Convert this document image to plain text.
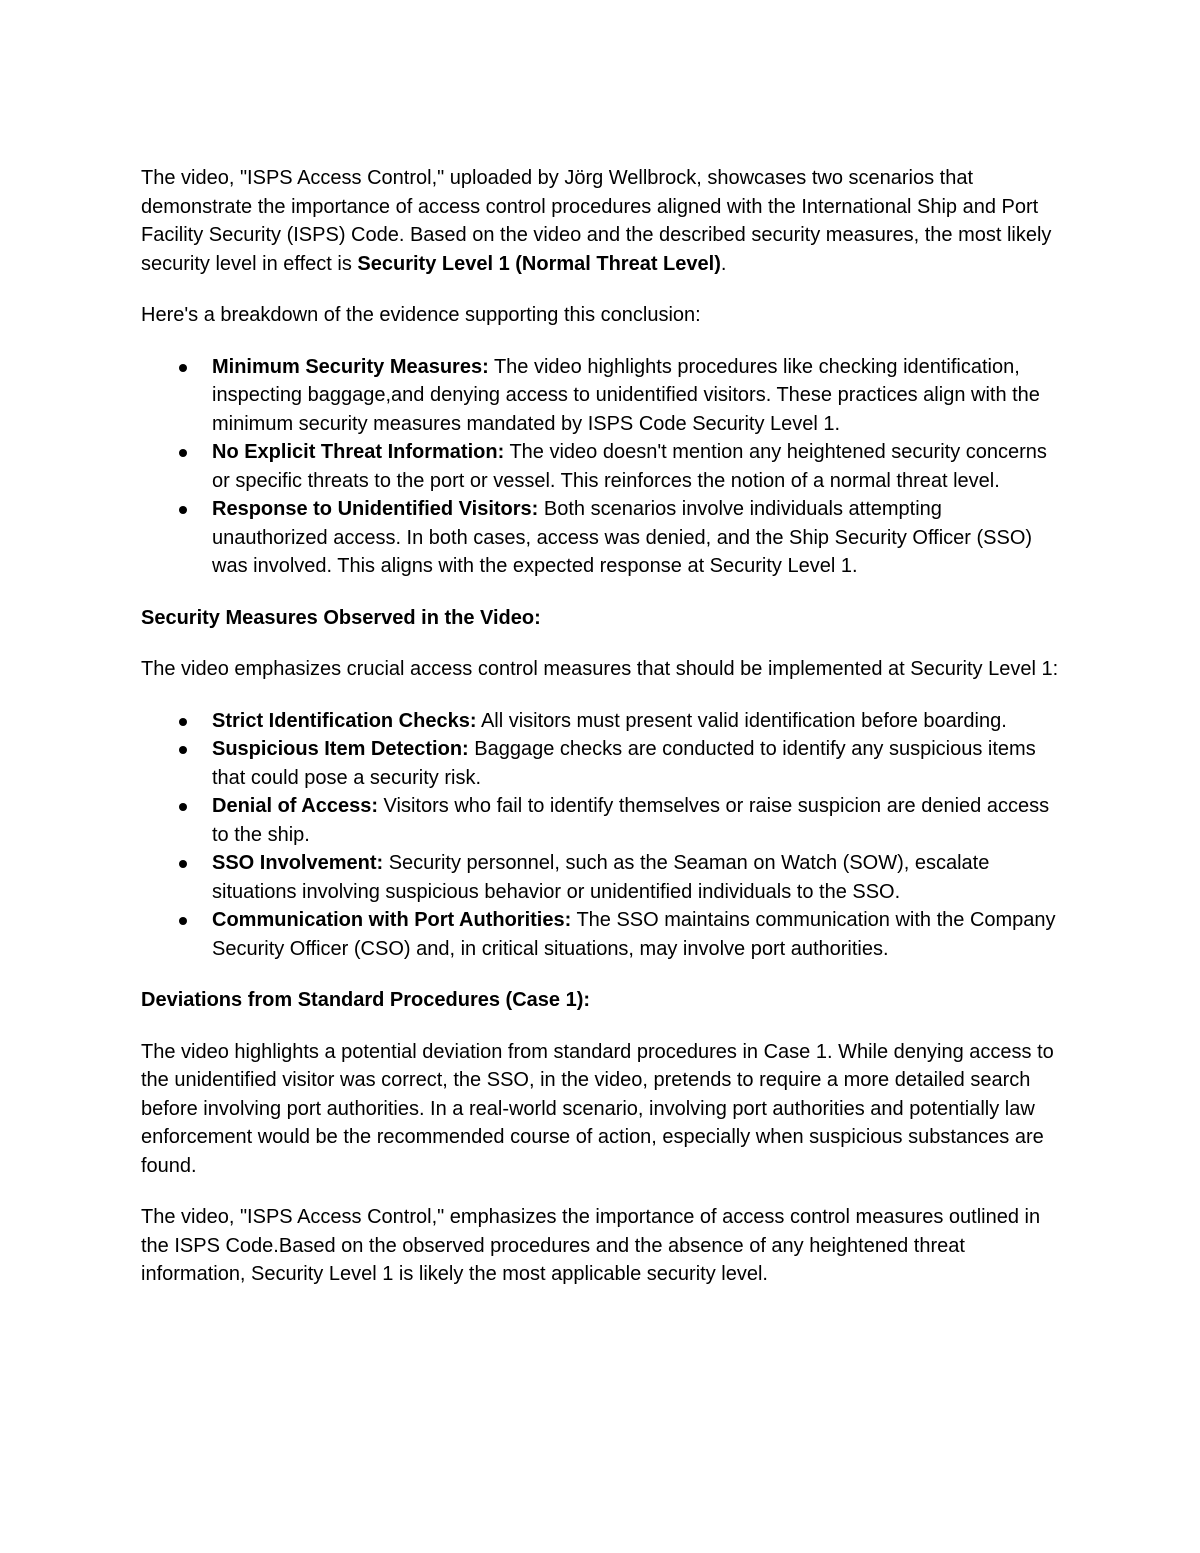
The video, "ISPS Access Control," uploaded by Jörg Wellbrock, showcases two scenarios that demonstrate the importance of access control procedures aligned with the International Ship and Port Facility Security (ISPS) Code. Based on the video and the described security measures, the most likely security level in effect is Security Level 1 (Normal Threat Level).

Here's a breakdown of the evidence supporting this conclusion:

Minimum Security Measures: The video highlights procedures like checking identification, inspecting baggage,and denying access to unidentified visitors. These practices align with the minimum security measures mandated by ISPS Code Security Level 1.
No Explicit Threat Information: The video doesn't mention any heightened security concerns or specific threats to the port or vessel. This reinforces the notion of a normal threat level.
Response to Unidentified Visitors: Both scenarios involve individuals attempting unauthorized access. In both cases, access was denied, and the Ship Security Officer (SSO) was involved. This aligns with the expected response at Security Level 1.

Security Measures Observed in the Video:

The video emphasizes crucial access control measures that should be implemented at Security Level 1:

Strict Identification Checks: All visitors must present valid identification before boarding.
Suspicious Item Detection: Baggage checks are conducted to identify any suspicious items that could pose a security risk.
Denial of Access: Visitors who fail to identify themselves or raise suspicion are denied access to the ship.
SSO Involvement: Security personnel, such as the Seaman on Watch (SOW), escalate situations involving suspicious behavior or unidentified individuals to the SSO.
Communication with Port Authorities: The SSO maintains communication with the Company Security Officer (CSO) and, in critical situations, may involve port authorities.

Deviations from Standard Procedures (Case 1):

The video highlights a potential deviation from standard procedures in Case 1. While denying access to the unidentified visitor was correct, the SSO, in the video, pretends to require a more detailed search before involving port authorities. In a real-world scenario, involving port authorities and potentially law enforcement would be the recommended course of action, especially when suspicious substances are found.

The video, "ISPS Access Control," emphasizes the importance of access control measures outlined in the ISPS Code.Based on the observed procedures and the absence of any heightened threat information, Security Level 1 is likely the most applicable security level.
